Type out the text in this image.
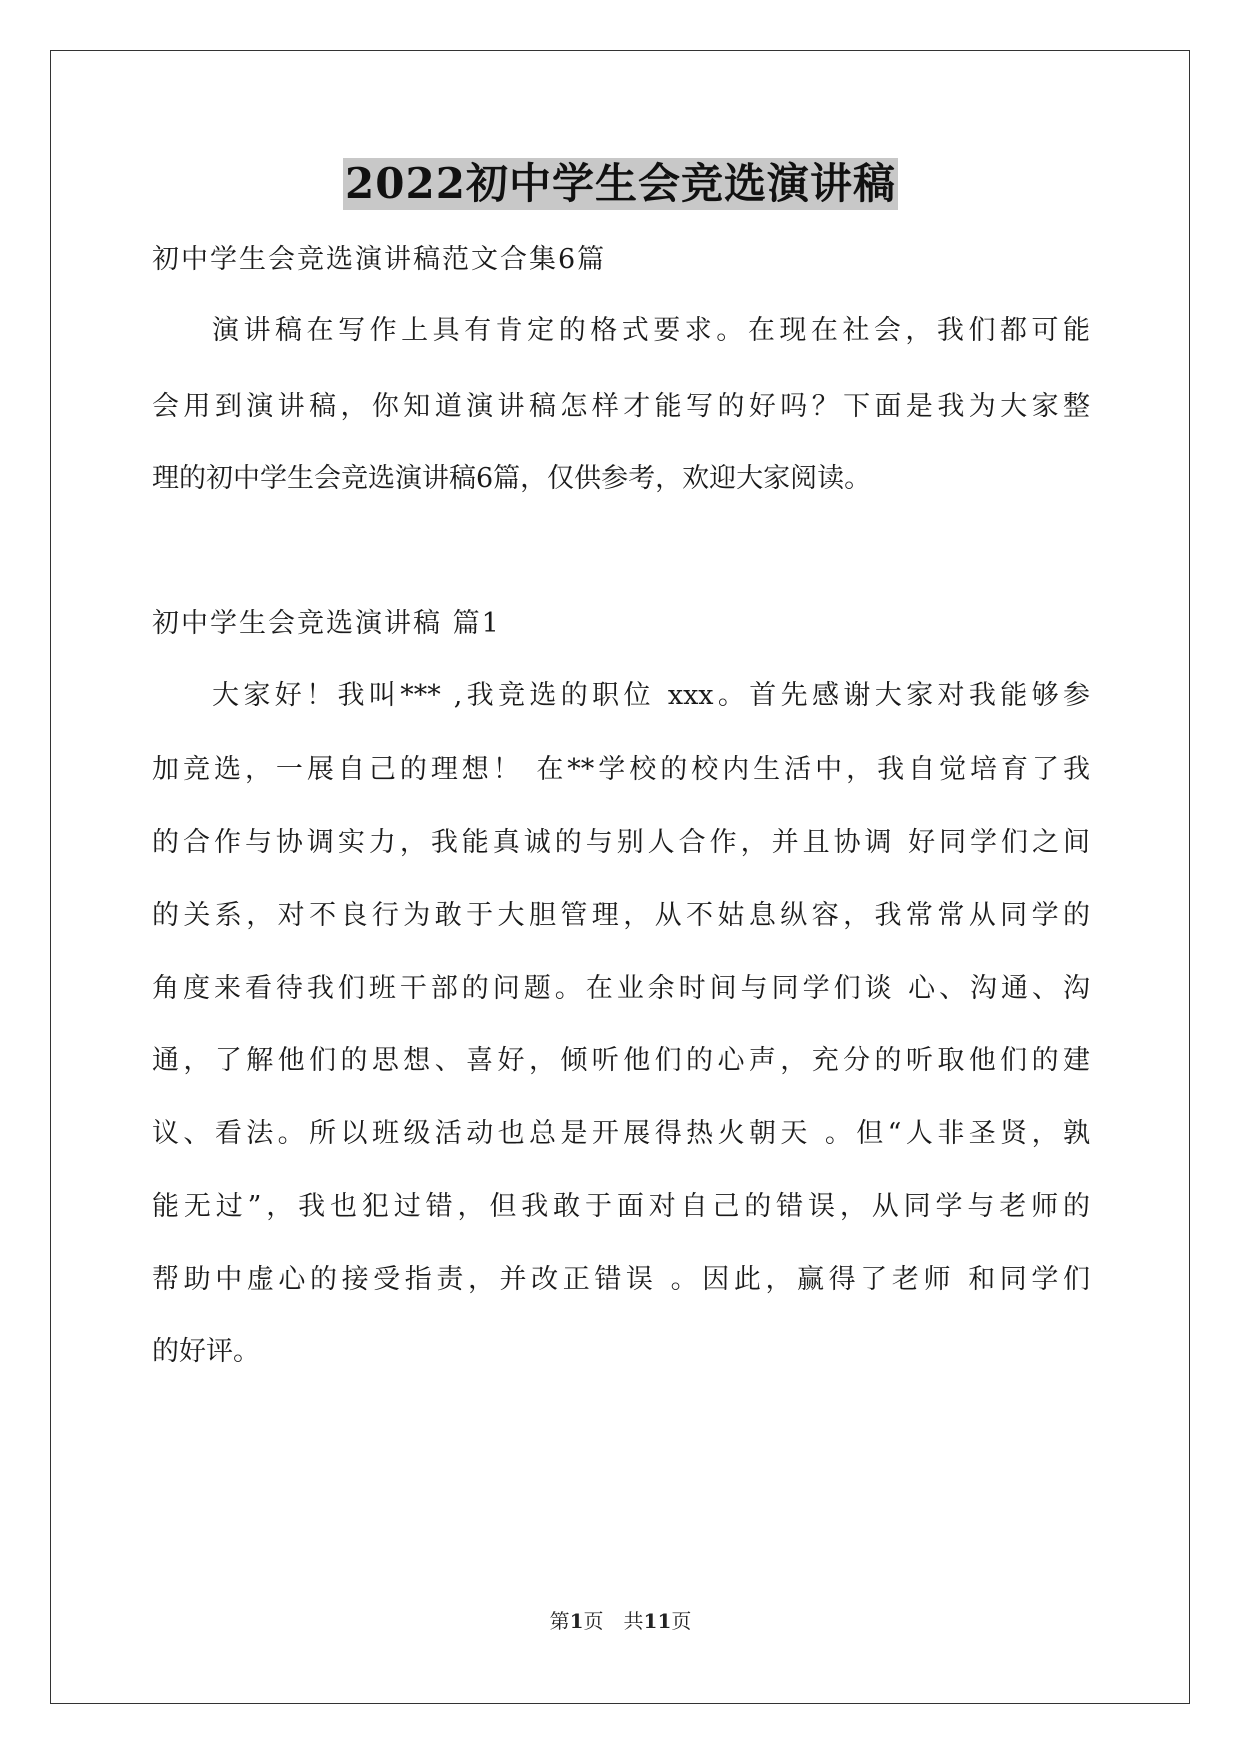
2022初中学生会竞选演讲稿
初中学生会竞选演讲稿范文合集6篇
演讲稿在写作上具有肯定的格式要求。在现在社会，我们都可能
会用到演讲稿，你知道演讲稿怎样才能写的好吗？下面是我为大家整
理的初中学生会竞选演讲稿6篇，仅供参考，欢迎大家阅读。
初中学生会竞选演讲稿 篇1
大家好！我叫*** ,我竞选的职位 xxx。首先感谢大家对我能够参
加竞选，一展自己的理想！ 在**学校的校内生活中，我自觉培育了我
的合作与协调实力，我能真诚的与别人合作，并且协调 好同学们之间
的关系，对不良行为敢于大胆管理，从不姑息纵容，我常常从同学的
角度来看待我们班干部的问题。在业余时间与同学们谈 心、沟通、沟
通，了解他们的思想、喜好，倾听他们的心声，充分的听取他们的建
议、看法。所以班级活动也总是开展得热火朝天 。但“人非圣贤，孰
能无过”，我也犯过错，但我敢于面对自己的错误，从同学与老师的
帮助中虚心的接受指责，并改正错误 。因此，赢得了老师 和同学们
的好评。
第1页　共11页
